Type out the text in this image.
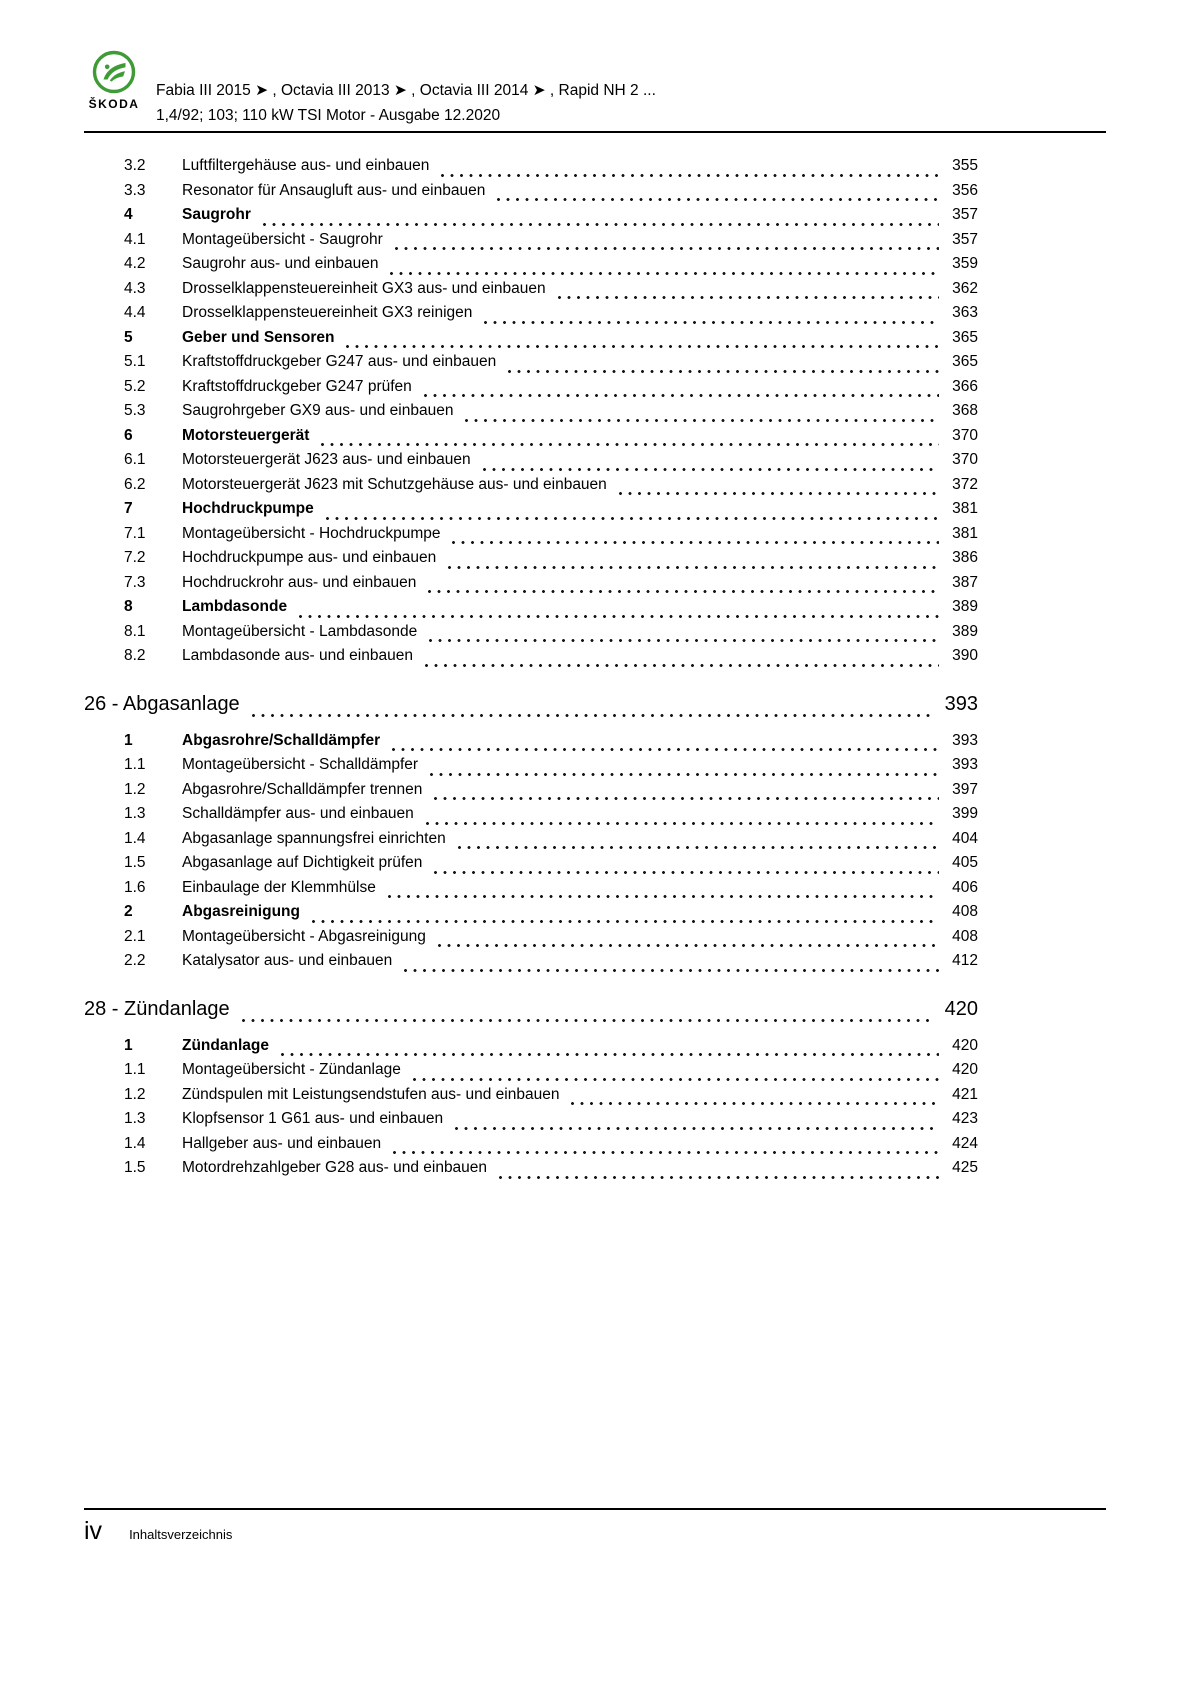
ŠKODA
Fabia III 2015 ➤ , Octavia III 2013 ➤ , Octavia III 2014 ➤ , Rapid NH 2 ...
1,4/92; 103; 110 kW TSI Motor - Ausgabe 12.2020
3.2	Luftfiltergehäuse aus- und einbauen	355
3.3	Resonator für Ansaugluft aus- und einbauen	356
4	Saugrohr	357
4.1	Montageübersicht - Saugrohr	357
4.2	Saugrohr aus- und einbauen	359
4.3	Drosselklappensteuereinheit GX3 aus- und einbauen	362
4.4	Drosselklappensteuereinheit GX3 reinigen	363
5	Geber und Sensoren	365
5.1	Kraftstoffdruckgeber G247 aus- und einbauen	365
5.2	Kraftstoffdruckgeber G247 prüfen	366
5.3	Saugrohrgeber GX9 aus- und einbauen	368
6	Motorsteuergerät	370
6.1	Motorsteuergerät J623 aus- und einbauen	370
6.2	Motorsteuergerät J623 mit Schutzgehäuse aus- und einbauen	372
7	Hochdruckpumpe	381
7.1	Montageübersicht - Hochdruckpumpe	381
7.2	Hochdruckpumpe aus- und einbauen	386
7.3	Hochdruckrohr aus- und einbauen	387
8	Lambdasonde	389
8.1	Montageübersicht - Lambdasonde	389
8.2	Lambdasonde aus- und einbauen	390
26 - Abgasanlage	393
1	Abgasrohre/Schalldämpfer	393
1.1	Montageübersicht - Schalldämpfer	393
1.2	Abgasrohre/Schalldämpfer trennen	397
1.3	Schalldämpfer aus- und einbauen	399
1.4	Abgasanlage spannungsfrei einrichten	404
1.5	Abgasanlage auf Dichtigkeit prüfen	405
1.6	Einbaulage der Klemmhülse	406
2	Abgasreinigung	408
2.1	Montageübersicht - Abgasreinigung	408
2.2	Katalysator aus- und einbauen	412
28 - Zündanlage	420
1	Zündanlage	420
1.1	Montageübersicht - Zündanlage	420
1.2	Zündspulen mit Leistungsendstufen aus- und einbauen	421
1.3	Klopfsensor 1 G61 aus- und einbauen	423
1.4	Hallgeber aus- und einbauen	424
1.5	Motordrehzahlgeber G28 aus- und einbauen	425
iv Inhaltsverzeichnis
